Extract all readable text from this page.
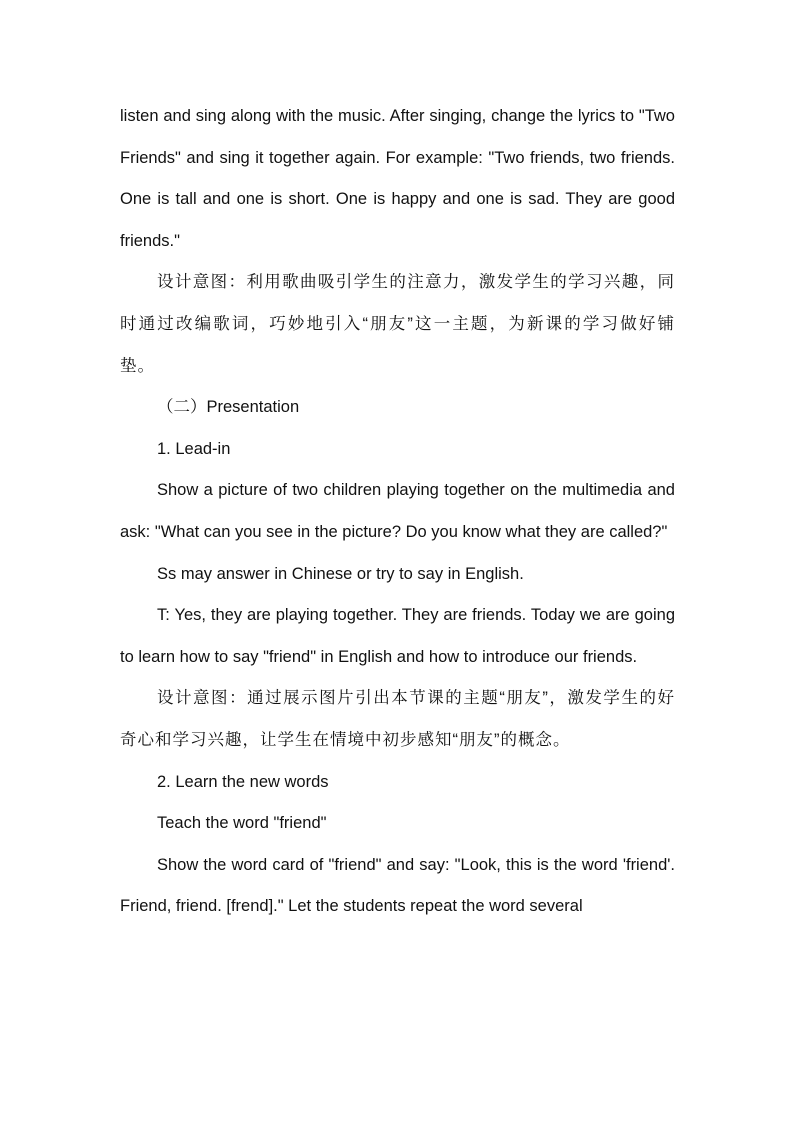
listen and sing along with the music. After singing, change the lyrics to "Two Friends" and sing it together again. For example: "Two friends, two friends. One is tall and one is short. One is happy and one is sad. They are good friends."

设计意图：利用歌曲吸引学生的注意力，激发学生的学习兴趣，同时通过改编歌词，巧妙地引入“朋友”这一主题，为新课的学习做好铺垫。

（二）Presentation

1. Lead-in

Show a picture of two children playing together on the multimedia and ask: "What can you see in the picture? Do you know what they are called?"

Ss may answer in Chinese or try to say in English.

T: Yes, they are playing together. They are friends. Today we are going to learn how to say "friend" in English and how to introduce our friends.

设计意图：通过展示图片引出本节课的主题“朋友”，激发学生的好奇心和学习兴趣，让学生在情境中初步感知“朋友”的概念。

2. Learn the new words

Teach the word "friend"

Show the word card of "friend" and say: "Look, this is the word 'friend'. Friend, friend. [frend]." Let the students repeat the word several
